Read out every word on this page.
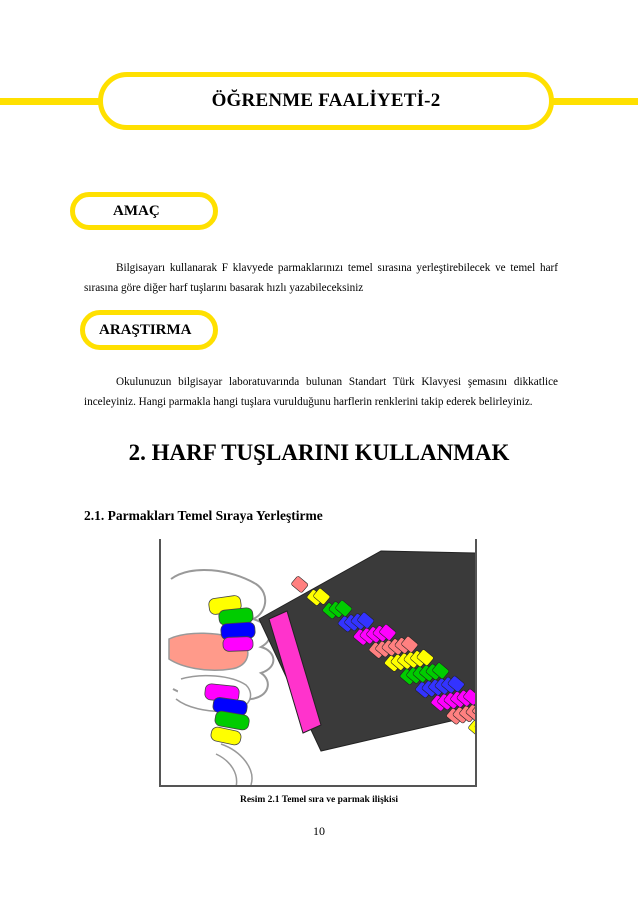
ÖĞRENME FAALİYETİ-2
AMAÇ
Bilgisayarı kullanarak F klavyede parmaklarınızı temel sırasına yerleştirebilecek ve temel harf sırasına göre diğer harf tuşlarını basarak hızlı yazabileceksiniz
ARAŞTIRMA
Okulunuzun bilgisayar laboratuvarında bulunan Standart Türk Klavyesi şemasını dikkatlice inceleyiniz. Hangi parmakla hangi tuşlara vurulduğunu harflerin renklerini takip ederek belirleyiniz.
2. HARF TUŞLARINI KULLANMAK
2.1. Parmakları Temel Sıraya Yerleştirme
Resim 2.1 Temel sıra ve parmak ilişkisi
10
